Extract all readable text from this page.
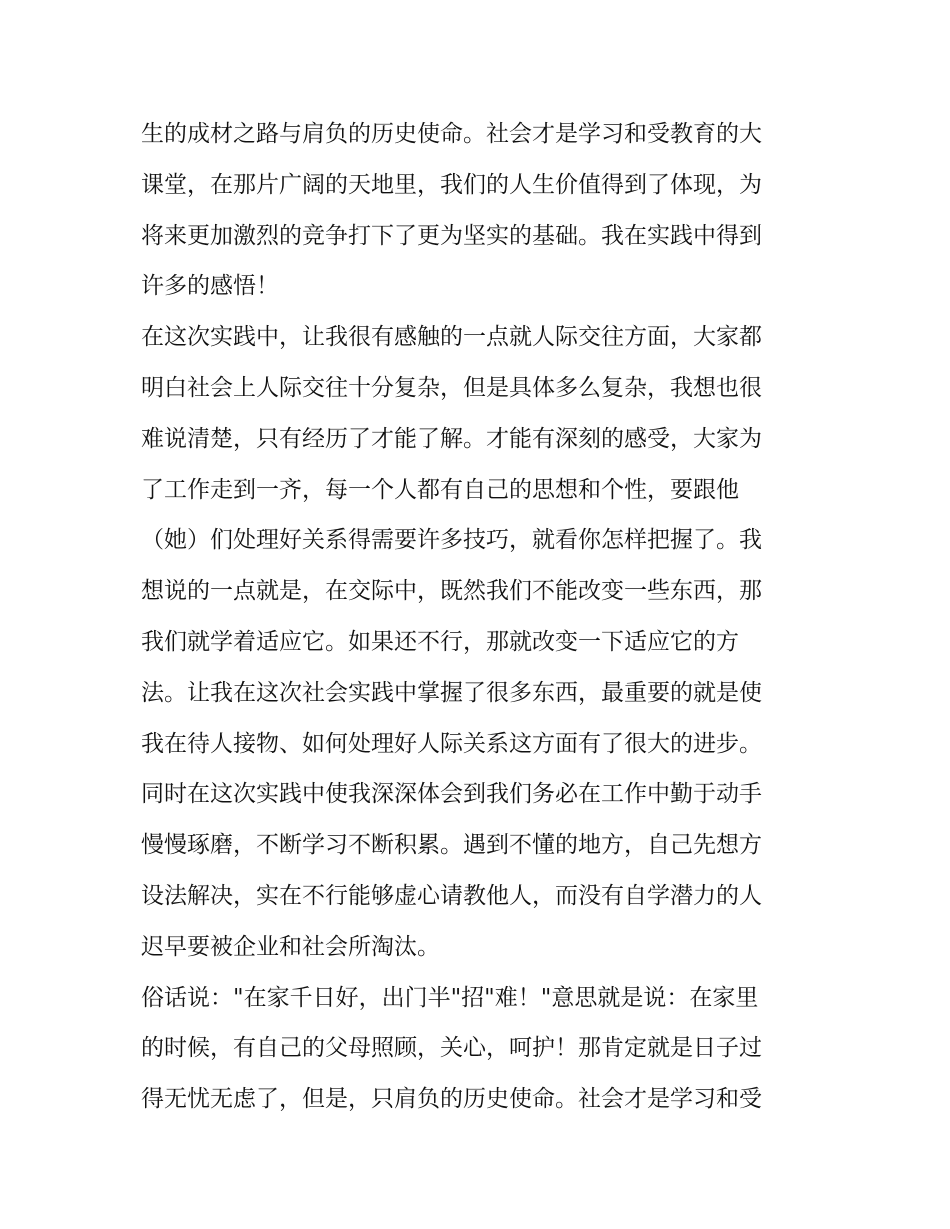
生的成材之路与肩负的历史使命。社会才是学习和受教育的大
课堂，在那片广阔的天地里，我们的人生价值得到了体现，为
将来更加激烈的竞争打下了更为坚实的基础。我在实践中得到
许多的感悟！
在这次实践中，让我很有感触的一点就人际交往方面，大家都
明白社会上人际交往十分复杂，但是具体多么复杂，我想也很
难说清楚，只有经历了才能了解。才能有深刻的感受，大家为
了工作走到一齐，每一个人都有自己的思想和个性，要跟他
（她）们处理好关系得需要许多技巧，就看你怎样把握了。我
想说的一点就是，在交际中，既然我们不能改变一些东西，那
我们就学着适应它。如果还不行，那就改变一下适应它的方
法。让我在这次社会实践中掌握了很多东西，最重要的就是使
我在待人接物、如何处理好人际关系这方面有了很大的进步。
同时在这次实践中使我深深体会到我们务必在工作中勤于动手
慢慢琢磨，不断学习不断积累。遇到不懂的地方，自己先想方
设法解决，实在不行能够虚心请教他人，而没有自学潜力的人
迟早要被企业和社会所淘汰。
俗话说："在家千日好，出门半"招"难！"意思就是说：在家里
的时候，有自己的父母照顾，关心，呵护！那肯定就是日子过
得无忧无虑了，但是，只肩负的历史使命。社会才是学习和受
